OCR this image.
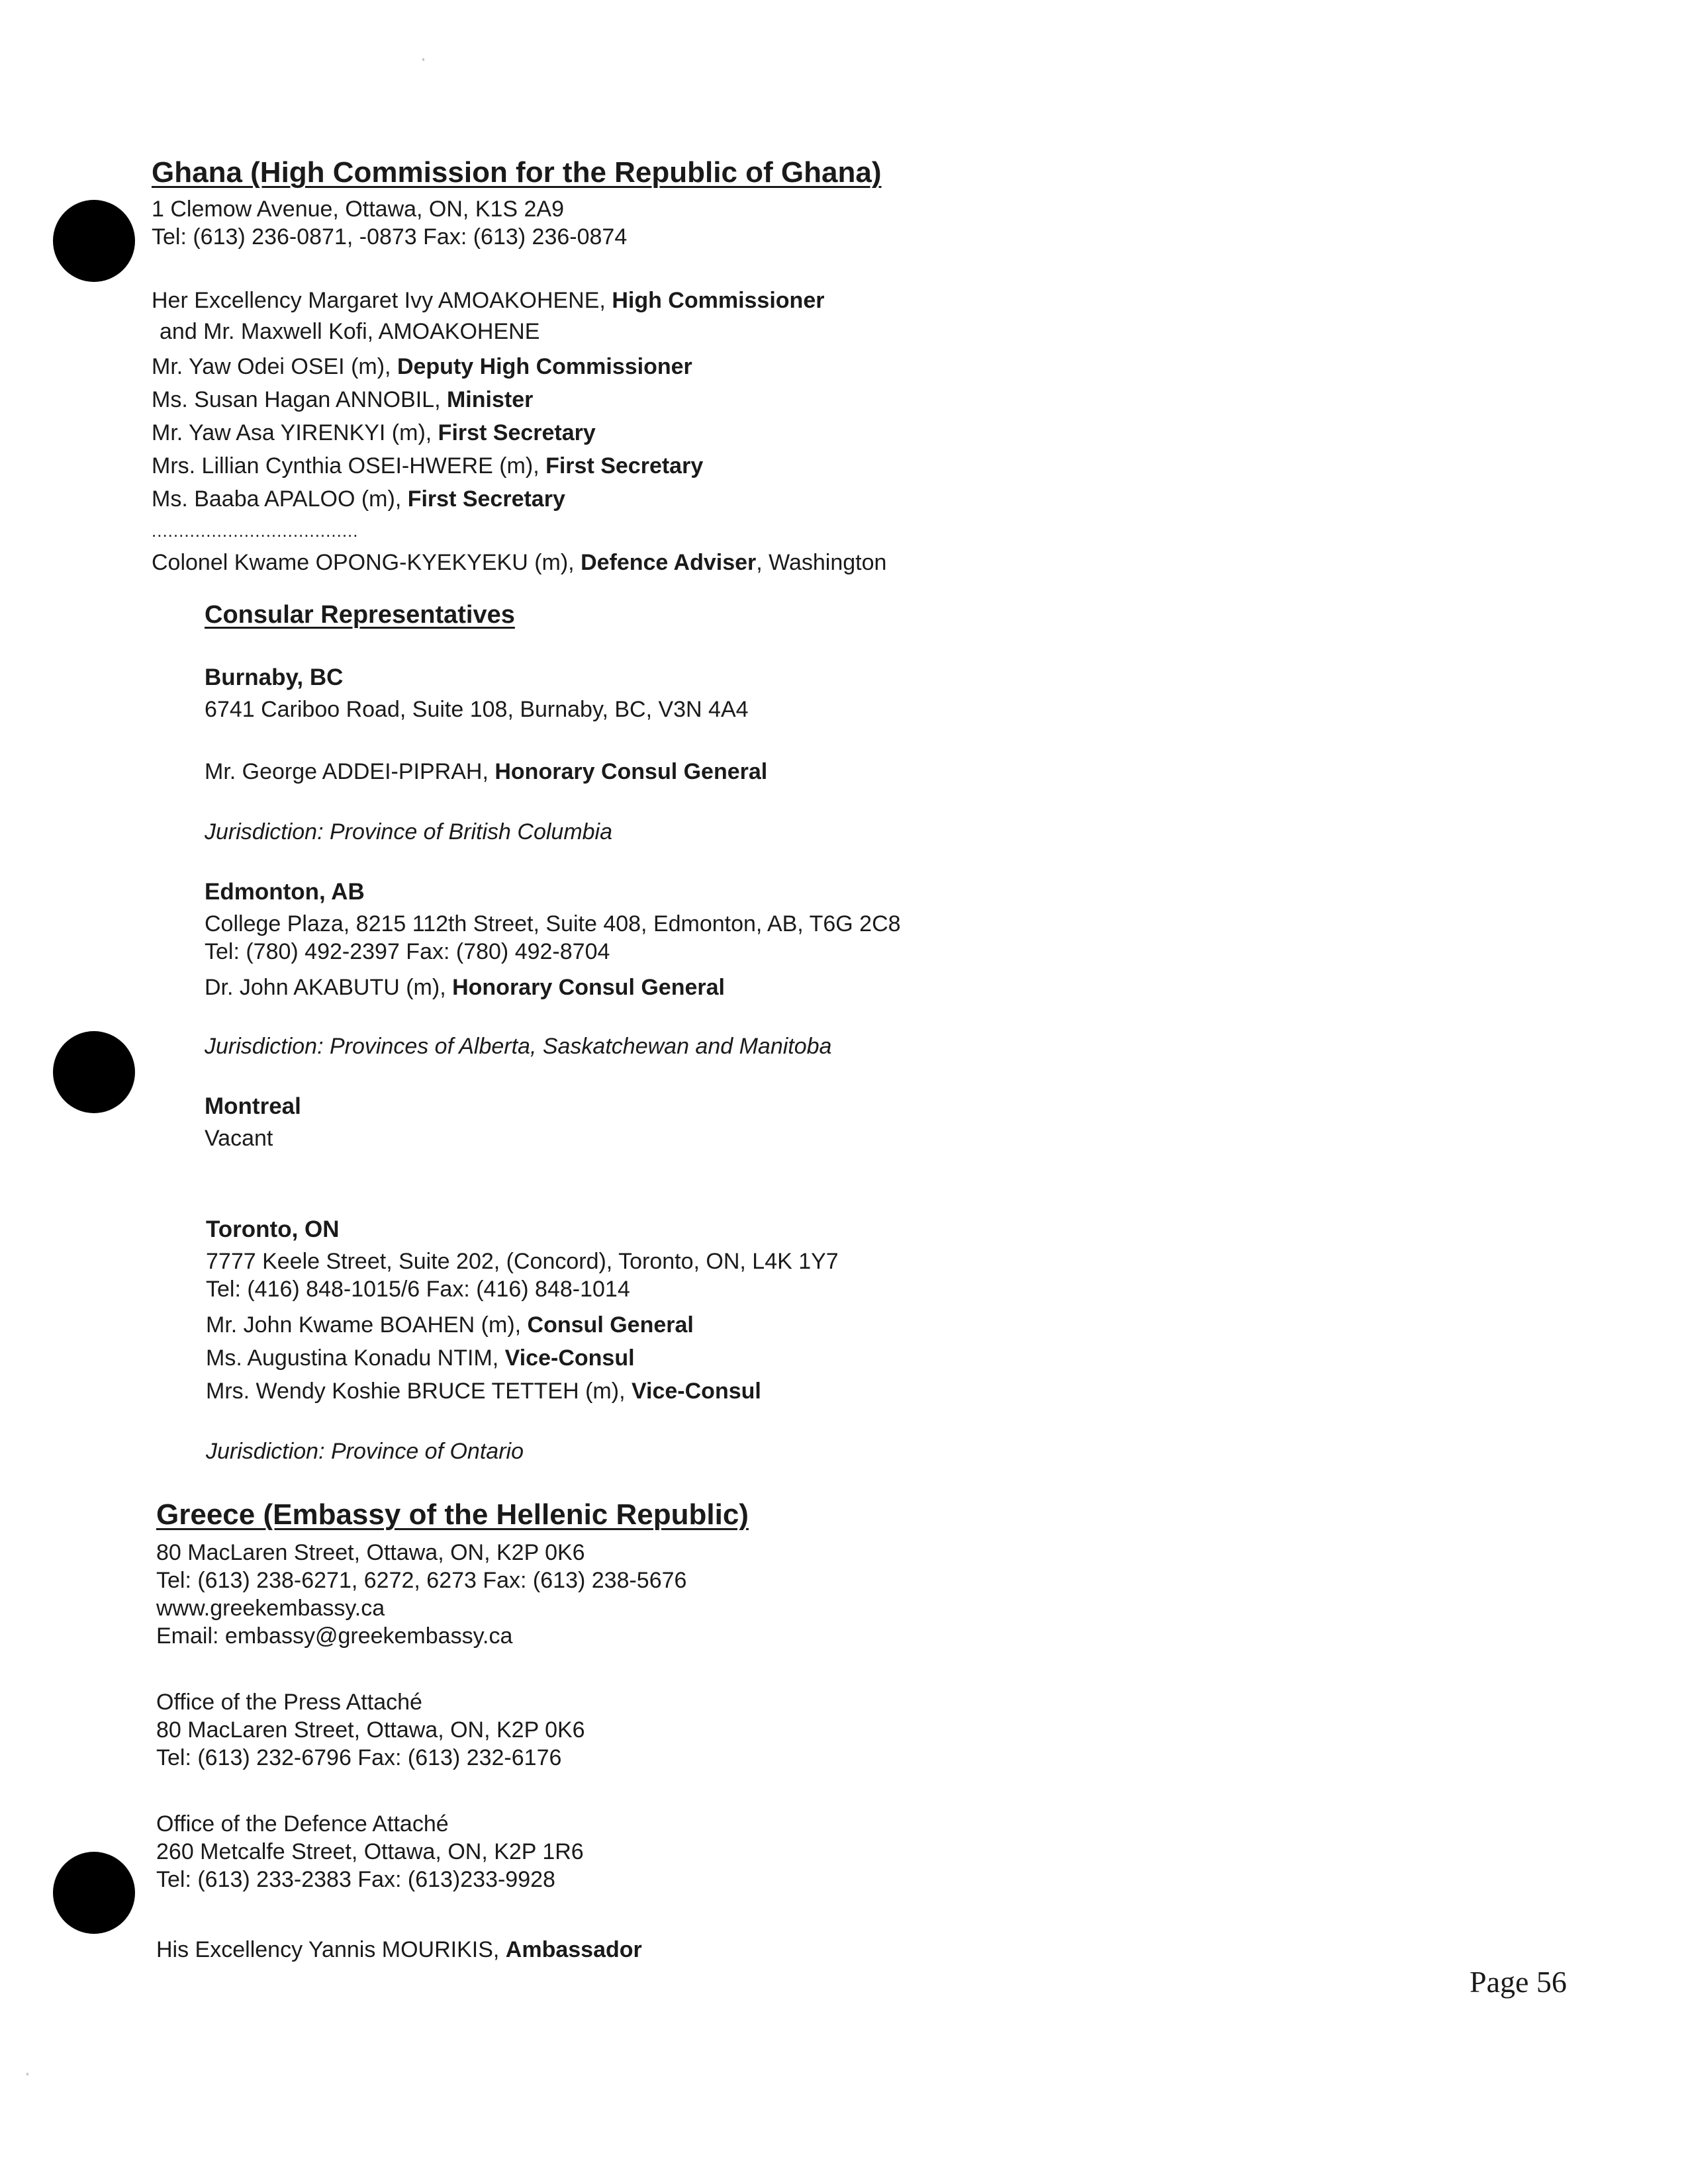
Ghana (High Commission for the Republic of Ghana)
1 Clemow Avenue, Ottawa, ON, K1S 2A9
Tel: (613) 236-0871, -0873 Fax: (613) 236-0874
Her Excellency Margaret Ivy AMOAKOHENE, High Commissioner
and Mr. Maxwell Kofi, AMOAKOHENE
Mr. Yaw Odei OSEI (m), Deputy High Commissioner
Ms. Susan Hagan ANNOBIL, Minister
Mr. Yaw Asa YIRENKYI (m), First Secretary
Mrs. Lillian Cynthia OSEI-HWERE (m), First Secretary
Ms. Baaba APALOO (m), First Secretary
......................................
Colonel Kwame OPONG-KYEKYEKU (m), Defence Adviser, Washington
Consular Representatives
Burnaby, BC
6741 Cariboo Road, Suite 108, Burnaby, BC, V3N 4A4
Mr. George ADDEI-PIPRAH, Honorary Consul General
Jurisdiction: Province of British Columbia
Edmonton, AB
College Plaza, 8215 112th Street, Suite 408, Edmonton, AB, T6G 2C8
Tel: (780) 492-2397 Fax: (780) 492-8704
Dr. John AKABUTU (m), Honorary Consul General
Jurisdiction: Provinces of Alberta, Saskatchewan and Manitoba
Montreal
Vacant
Toronto, ON
7777 Keele Street, Suite 202, (Concord), Toronto, ON, L4K 1Y7
Tel: (416) 848-1015/6 Fax: (416) 848-1014
Mr. John Kwame BOAHEN (m), Consul General
Ms. Augustina Konadu NTIM, Vice-Consul
Mrs. Wendy Koshie BRUCE TETTEH (m), Vice-Consul
Jurisdiction: Province of Ontario
Greece (Embassy of the Hellenic Republic)
80 MacLaren Street, Ottawa, ON, K2P 0K6
Tel: (613) 238-6271, 6272, 6273 Fax: (613) 238-5676
www.greekembassy.ca
Email: embassy@greekembassy.ca
Office of the Press Attaché
80 MacLaren Street, Ottawa, ON, K2P 0K6
Tel: (613) 232-6796 Fax: (613) 232-6176
Office of the Defence Attaché
260 Metcalfe Street, Ottawa, ON, K2P 1R6
Tel: (613) 233-2383 Fax: (613)233-9928
His Excellency Yannis MOURIKIS, Ambassador
Page 56
